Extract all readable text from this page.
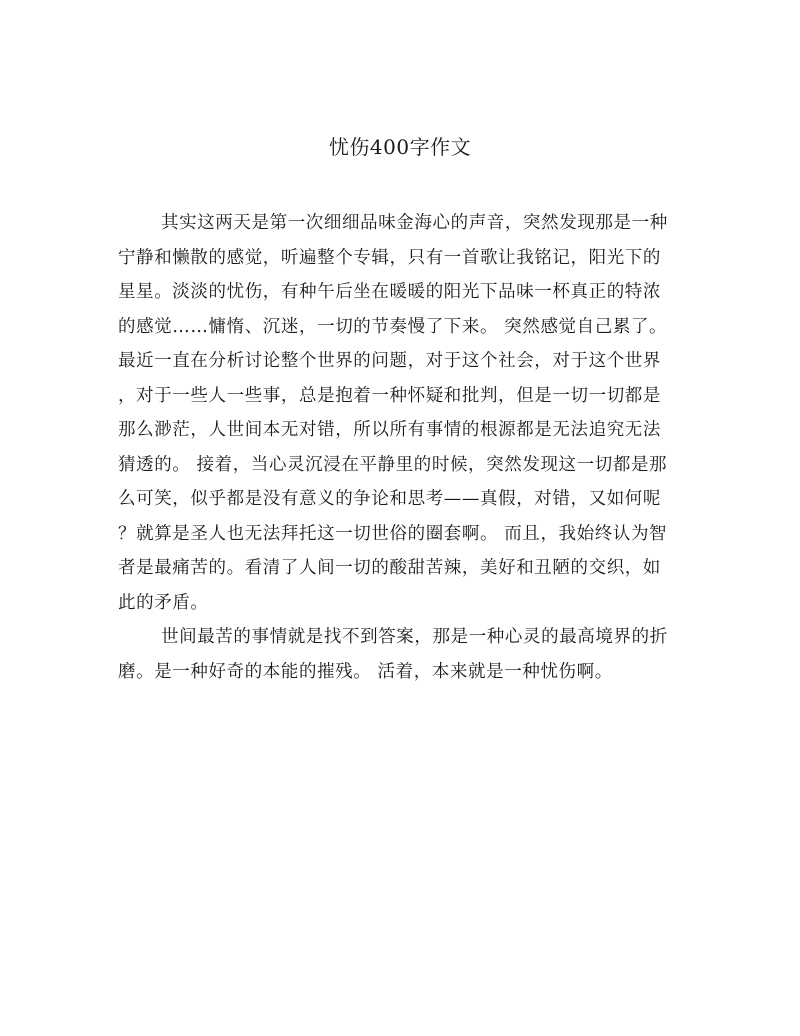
忧伤400字作文
其实这两天是第一次细细品味金海心的声音，突然发现那是一种
宁静和懒散的感觉，听遍整个专辑，只有一首歌让我铭记，阳光下的
星星。淡淡的忧伤，有种午后坐在暖暖的阳光下品味一杯真正的特浓
的感觉……慵惰、沉迷，一切的节奏慢了下来。 突然感觉自己累了。
最近一直在分析讨论整个世界的问题，对于这个社会，对于这个世界
，对于一些人一些事，总是抱着一种怀疑和批判，但是一切一切都是
那么渺茫，人世间本无对错，所以所有事情的根源都是无法追究无法
猜透的。 接着，当心灵沉浸在平静里的时候，突然发现这一切都是那
么可笑，似乎都是没有意义的争论和思考——真假，对错，又如何呢
？就算是圣人也无法拜托这一切世俗的圈套啊。 而且，我始终认为智
者是最痛苦的。看清了人间一切的酸甜苦辣，美好和丑陋的交织，如
此的矛盾。
世间最苦的事情就是找不到答案，那是一种心灵的最高境界的折
磨。是一种好奇的本能的摧残。 活着，本来就是一种忧伤啊。
